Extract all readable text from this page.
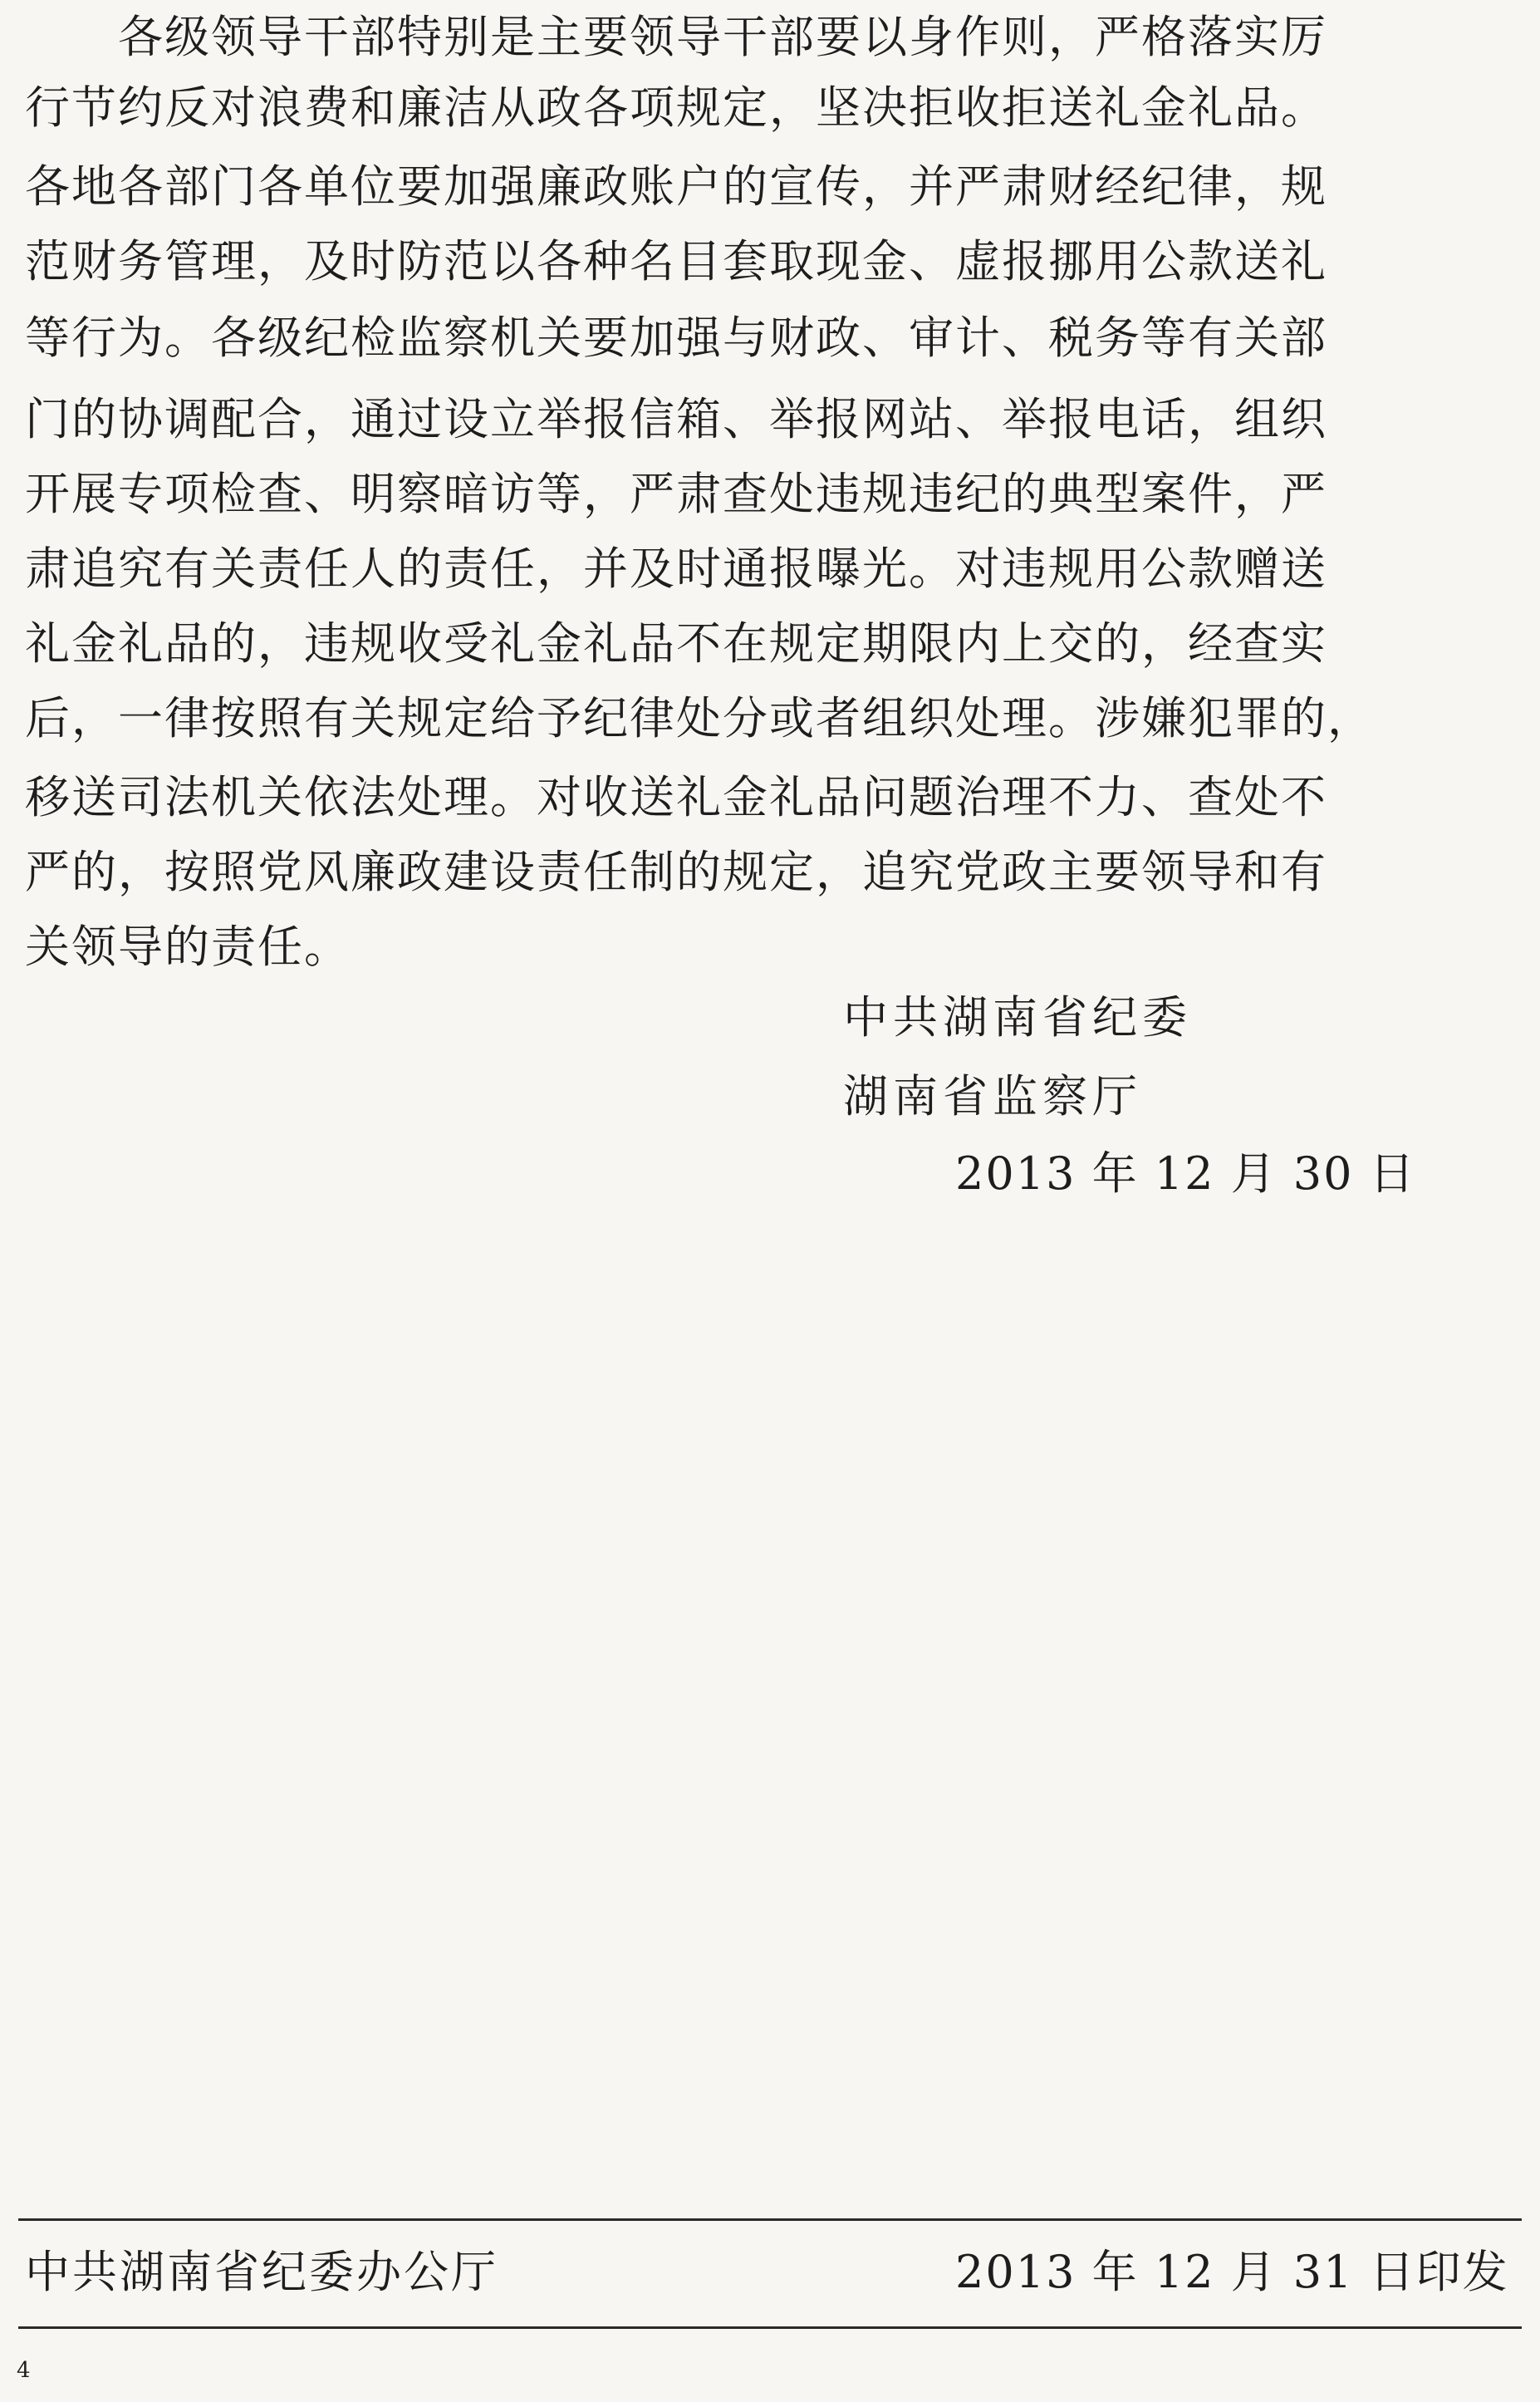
　　各级领导干部特别是主要领导干部要以身作则，严格落实厉
行节约反对浪费和廉洁从政各项规定，坚决拒收拒送礼金礼品。
各地各部门各单位要加强廉政账户的宣传，并严肃财经纪律，规
范财务管理，及时防范以各种名目套取现金、虚报挪用公款送礼
等行为。各级纪检监察机关要加强与财政、审计、税务等有关部
门的协调配合，通过设立举报信箱、举报网站、举报电话，组织
开展专项检查、明察暗访等，严肃查处违规违纪的典型案件，严
肃追究有关责任人的责任，并及时通报曝光。对违规用公款赠送
礼金礼品的，违规收受礼金礼品不在规定期限内上交的，经查实
后，一律按照有关规定给予纪律处分或者组织处理。涉嫌犯罪的，
移送司法机关依法处理。对收送礼金礼品问题治理不力、查处不
严的，按照党风廉政建设责任制的规定，追究党政主要领导和有
关领导的责任。
中共湖南省纪委
湖南省监察厅
2013 年 12 月 30 日
中共湖南省纪委办公厅	2013 年 12 月 31 日印发
4
